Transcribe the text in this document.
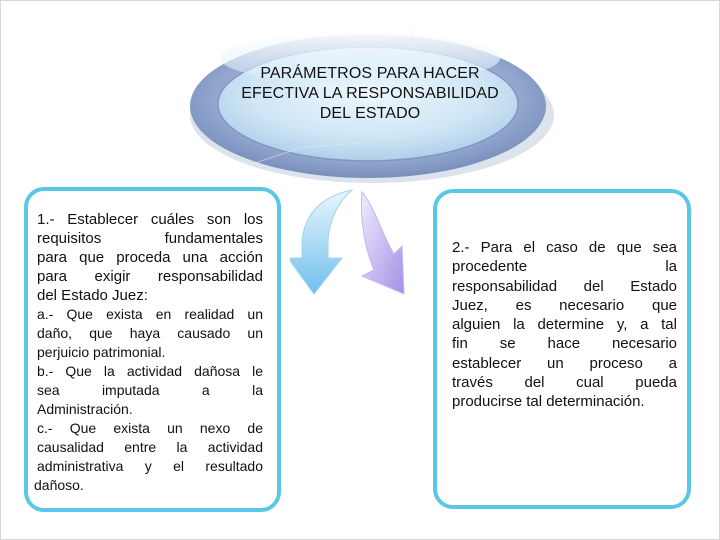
PARÁMETROS PARA HACER
EFECTIVA LA RESPONSABILIDAD
DEL ESTADO
1.- Establecer cuáles son los
requisitos fundamentales
para que proceda una acción
para exigir responsabilidad
del Estado Juez:
a.- Que exista en realidad un
daño, que haya causado un
perjuicio patrimonial.
b.- Que la actividad dañosa le
sea imputada a la
Administración.
c.- Que exista un nexo de
causalidad entre la actividad
administrativa y el resultado
dañoso.
2.- Para el caso de que sea
procedente la
responsabilidad del Estado
Juez, es necesario que
alguien la determine y, a tal
fin se hace necesario
establecer un proceso a
través del cual pueda
producirse tal determinación.
